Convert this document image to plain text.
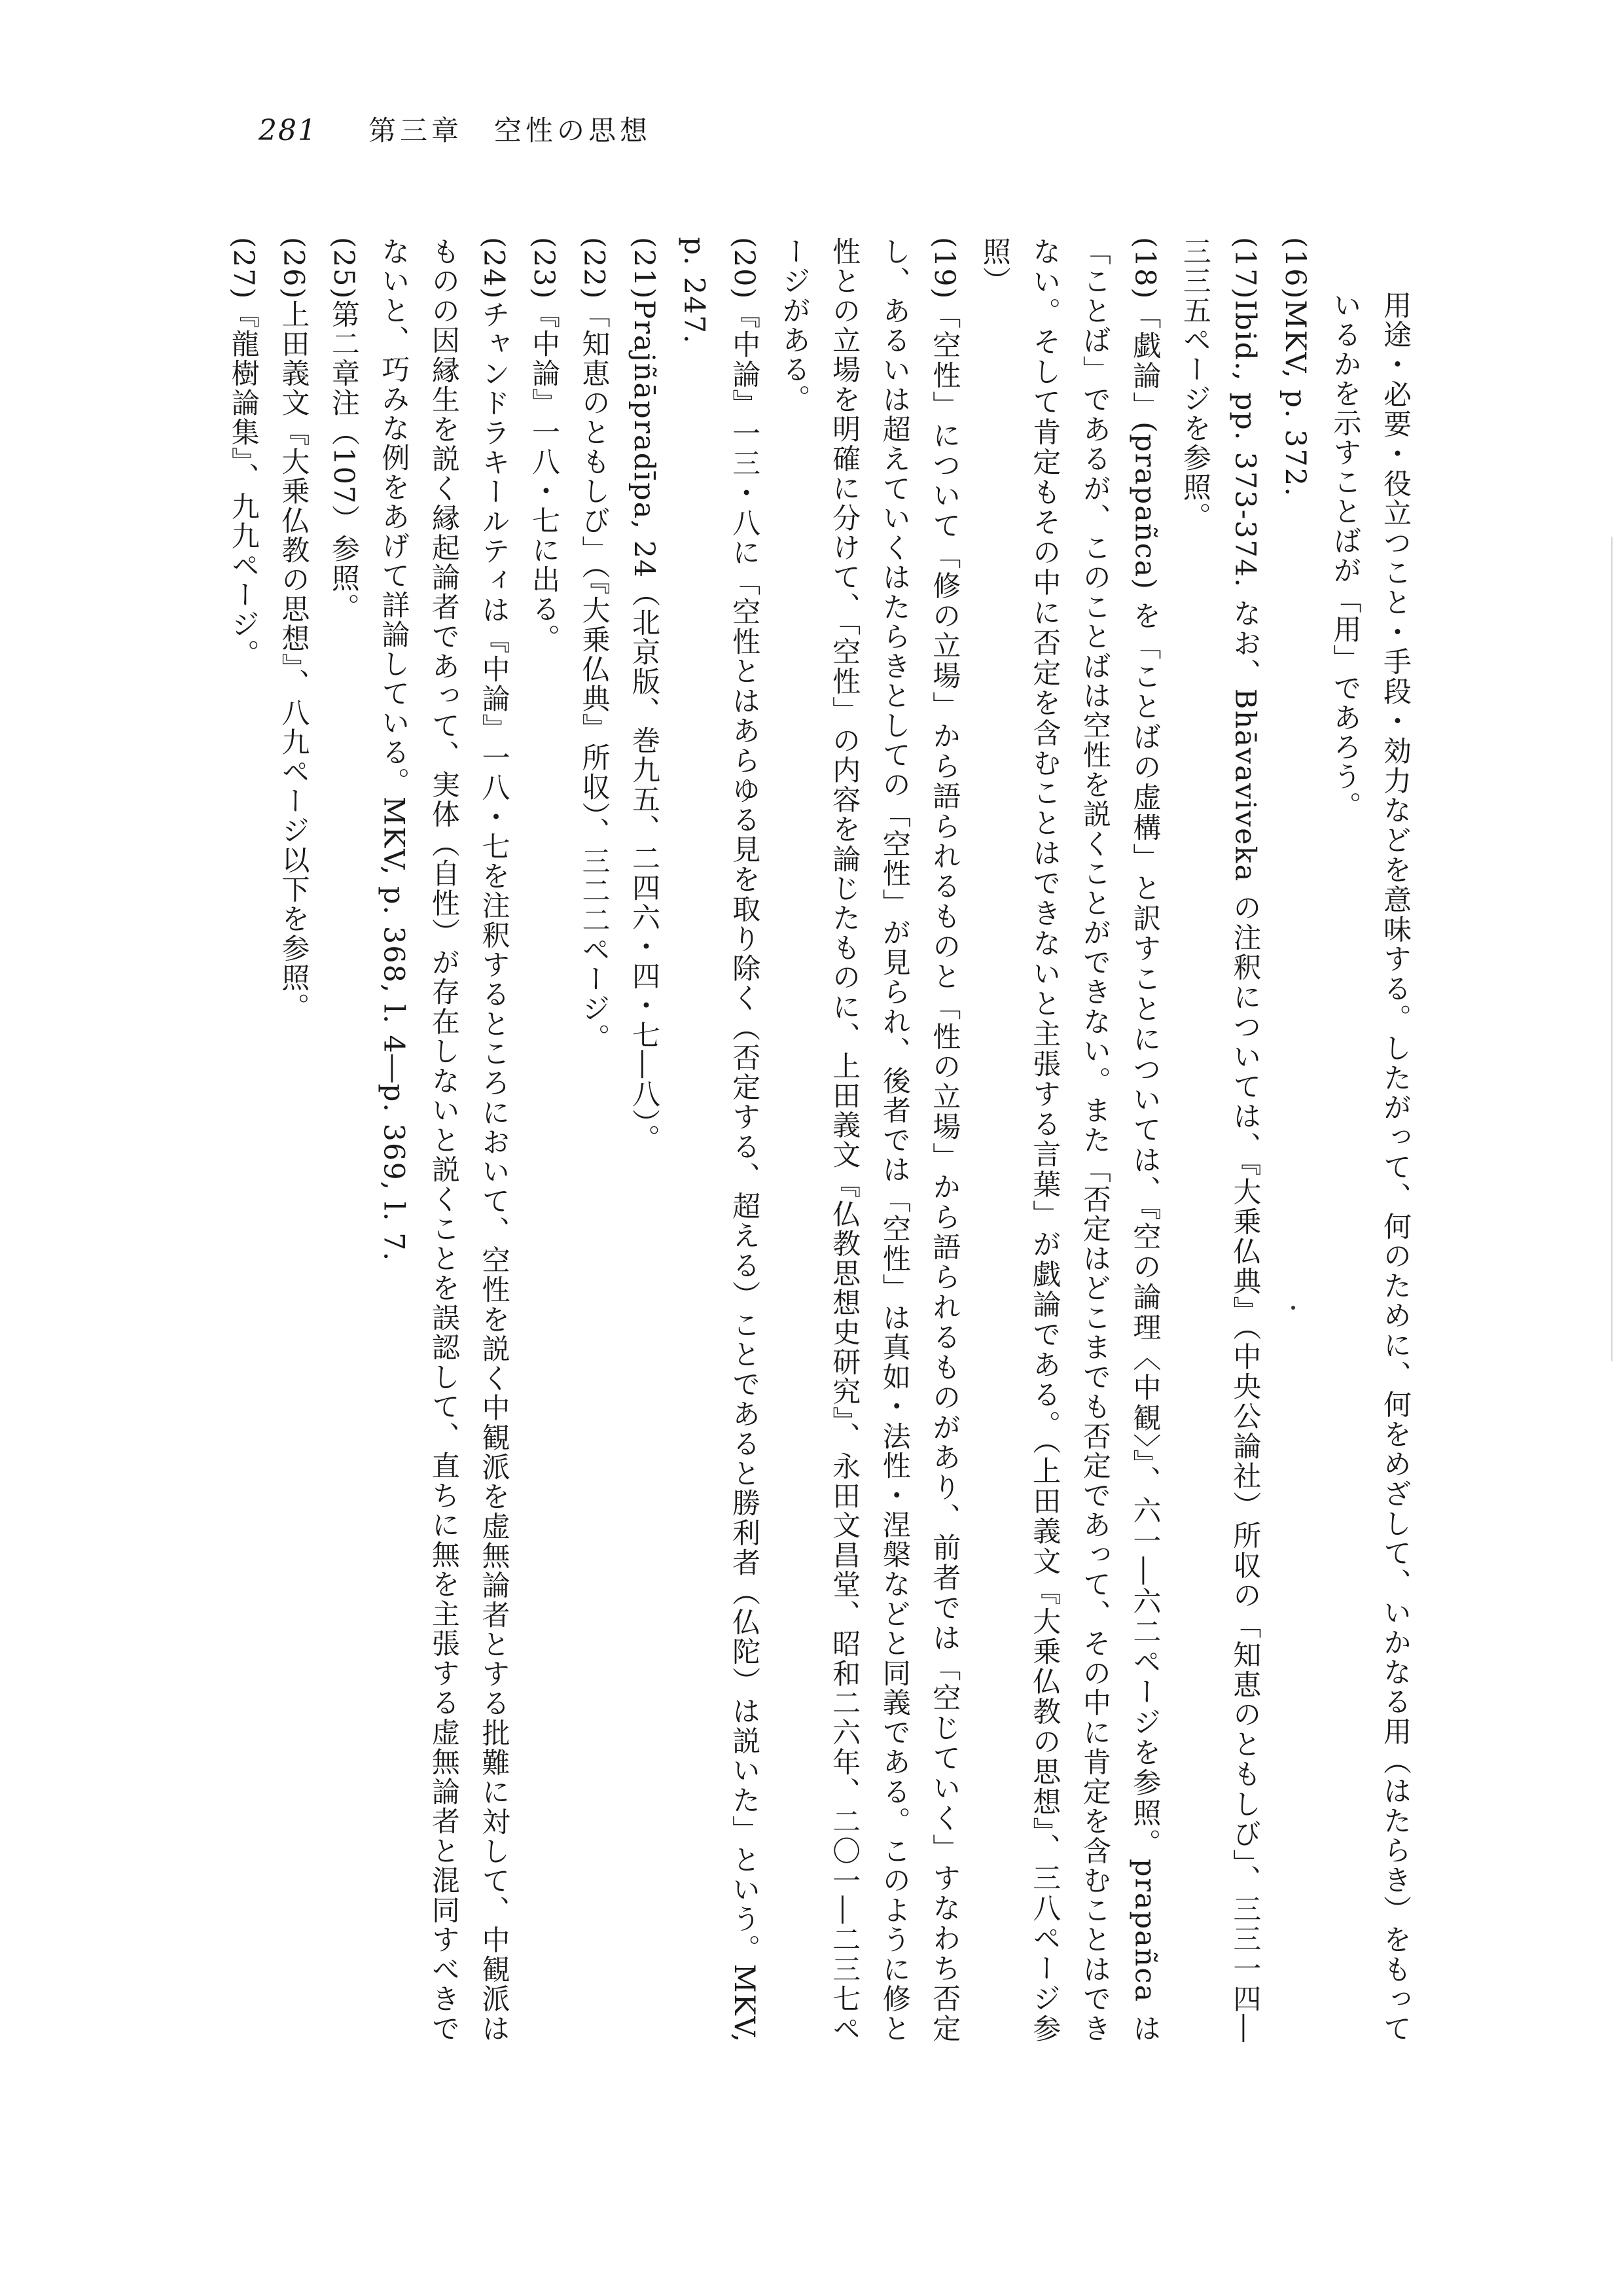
281 第三章　空性の思想

用途・必要・役立つこと・手段・効力などを意味する。したがって、何のために、何をめざして、いかなる用（はたらき）をもっているかを示すことばが「用」であろう。

(16)MKV, p. 372.

(17)Ibid., pp. 373-374. なお、Bhāvaviveka の注釈については、『大乗仏典』（中央公論社）所収の「知恵のともしび」、三三一四―三三五ページを参照。

(18)「戯論」(prapañca) を「ことばの虚構」と訳すことについては、『空の論理〈中観〉』、六一―六二ページを参照。prapañca は「ことば」であるが、このことばは空性を説くことができない。また「否定はどこまでも否定であって、その中に肯定を含むことはできない。そして肯定もその中に否定を含むことはできないと主張する言葉」が戯論である。（上田義文『大乗仏教の思想』、三八ページ参照）

(19)「空性」について「修の立場」から語られるものと「性の立場」から語られるものがあり、前者では「空じていく」すなわち否定し、あるいは超えていくはたらきとしての「空性」が見られ、後者では「空性」は真如・法性・涅槃などと同義である。このように修と性との立場を明確に分けて、「空性」の内容を論じたものに、上田義文『仏教思想史研究』、永田文昌堂、昭和二六年、二〇一―二三七ページがある。

(20)『中論』一三・八に「空性とはあらゆる見を取り除く（否定する、超える）ことであると勝利者（仏陀）は説いた」という。MKV, p. 247.

(21)Prajñāpradīpa, 24（北京版、巻九五、二四六・四・七―八）。

(22)「知恵のともしび」（『大乗仏典』所収）、三二二ページ。

(23)『中論』一八・七に出る。

(24)チャンドラキールティは『中論』一八・七を注釈するところにおいて、空性を説く中観派を虚無論者とする批難に対して、中観派はものの因縁生を説く縁起論者であって、実体（自性）が存在しないと説くことを誤認して、直ちに無を主張する虚無論者と混同すべきでないと、巧みな例をあげて詳論している。MKV, p. 368, l. 4―p. 369, l. 7.

(25)第二章注（107）参照。

(26)上田義文『大乗仏教の思想』、八九ページ以下を参照。

(27)『龍樹論集』、九九ページ。
